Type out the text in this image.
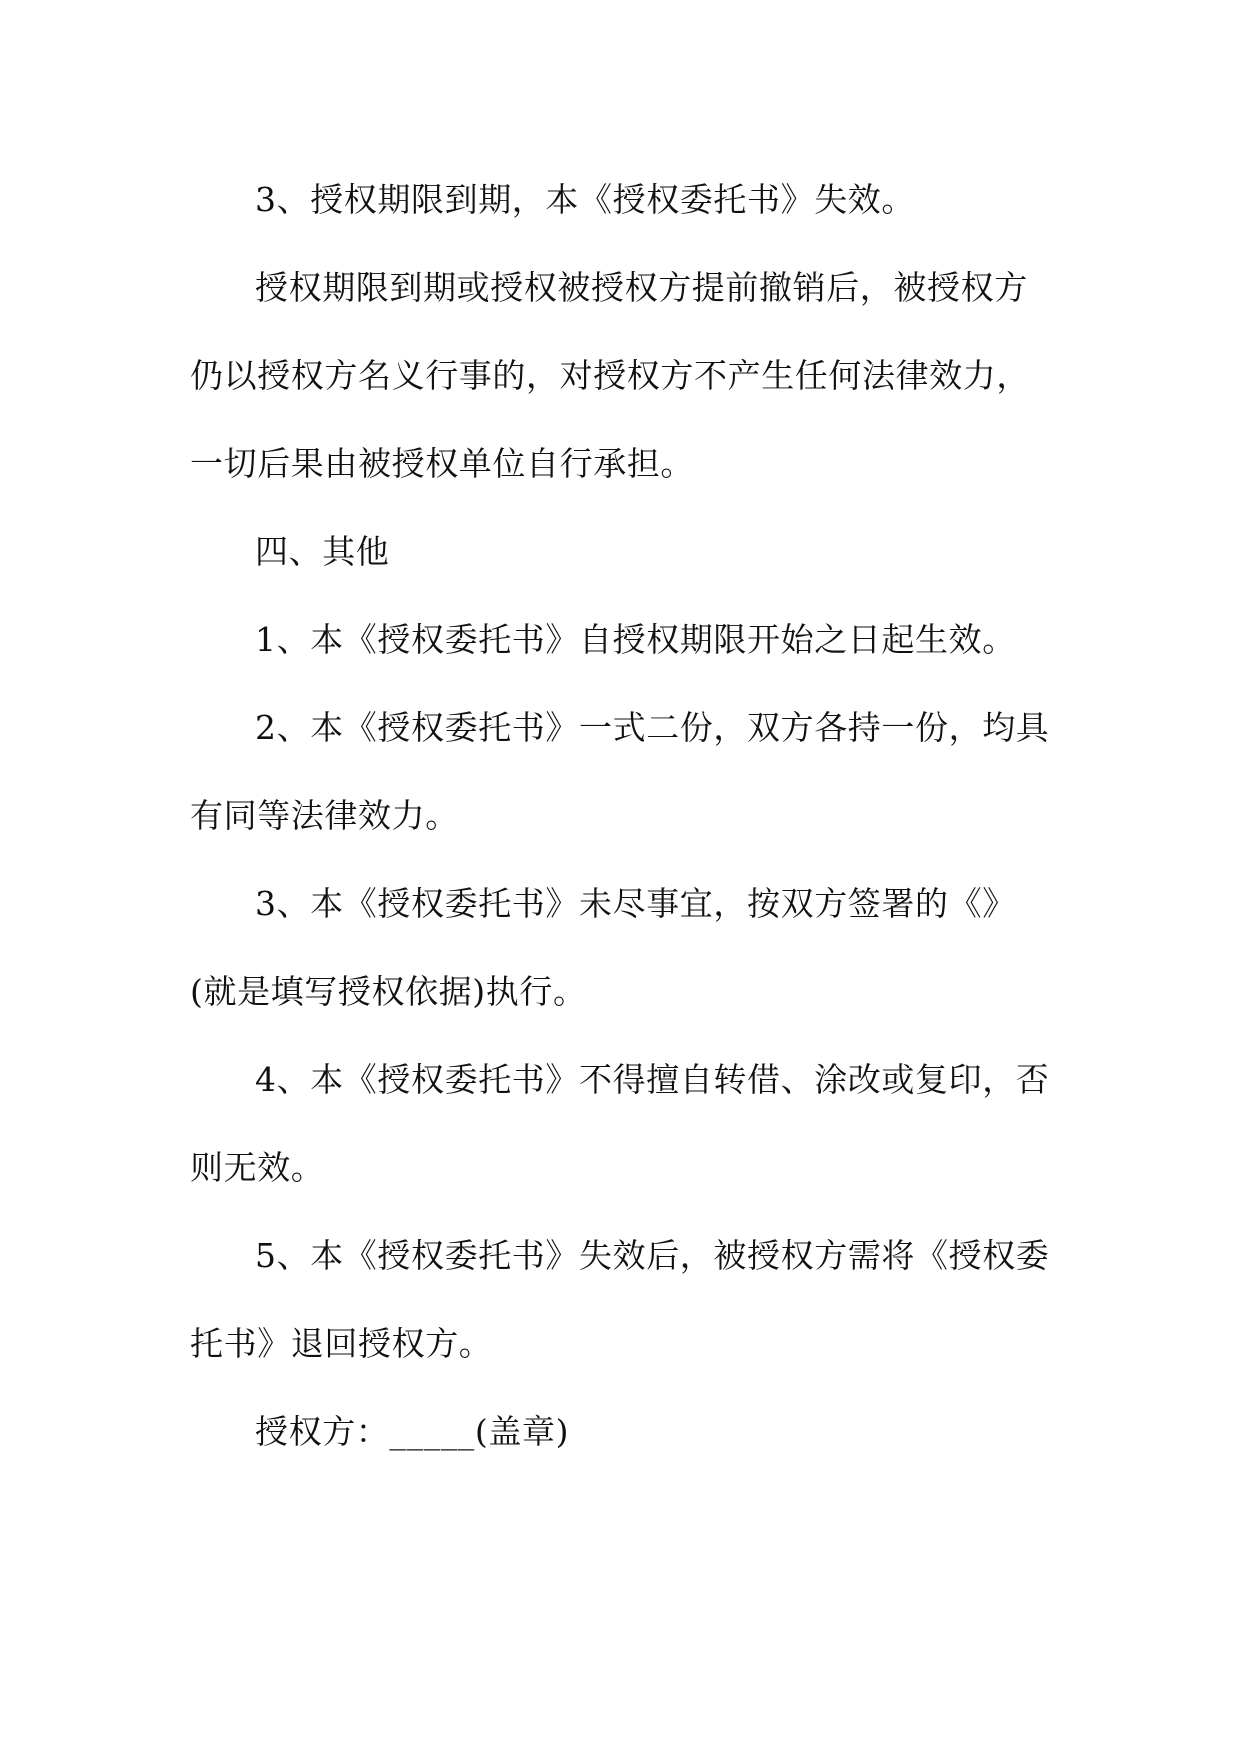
3、授权期限到期，本《授权委托书》失效。

授权期限到期或授权被授权方提前撤销后，被授权方

仍以授权方名义行事的，对授权方不产生任何法律效力，

一切后果由被授权单位自行承担。

四、其他

1、本《授权委托书》自授权期限开始之日起生效。

2、本《授权委托书》一式二份，双方各持一份，均具

有同等法律效力。

3、本《授权委托书》未尽事宜，按双方签署的《》

(就是填写授权依据)执行。

4、本《授权委托书》不得擅自转借、涂改或复印，否

则无效。

5、本《授权委托书》失效后，被授权方需将《授权委

托书》退回授权方。

授权方：_____(盖章)
